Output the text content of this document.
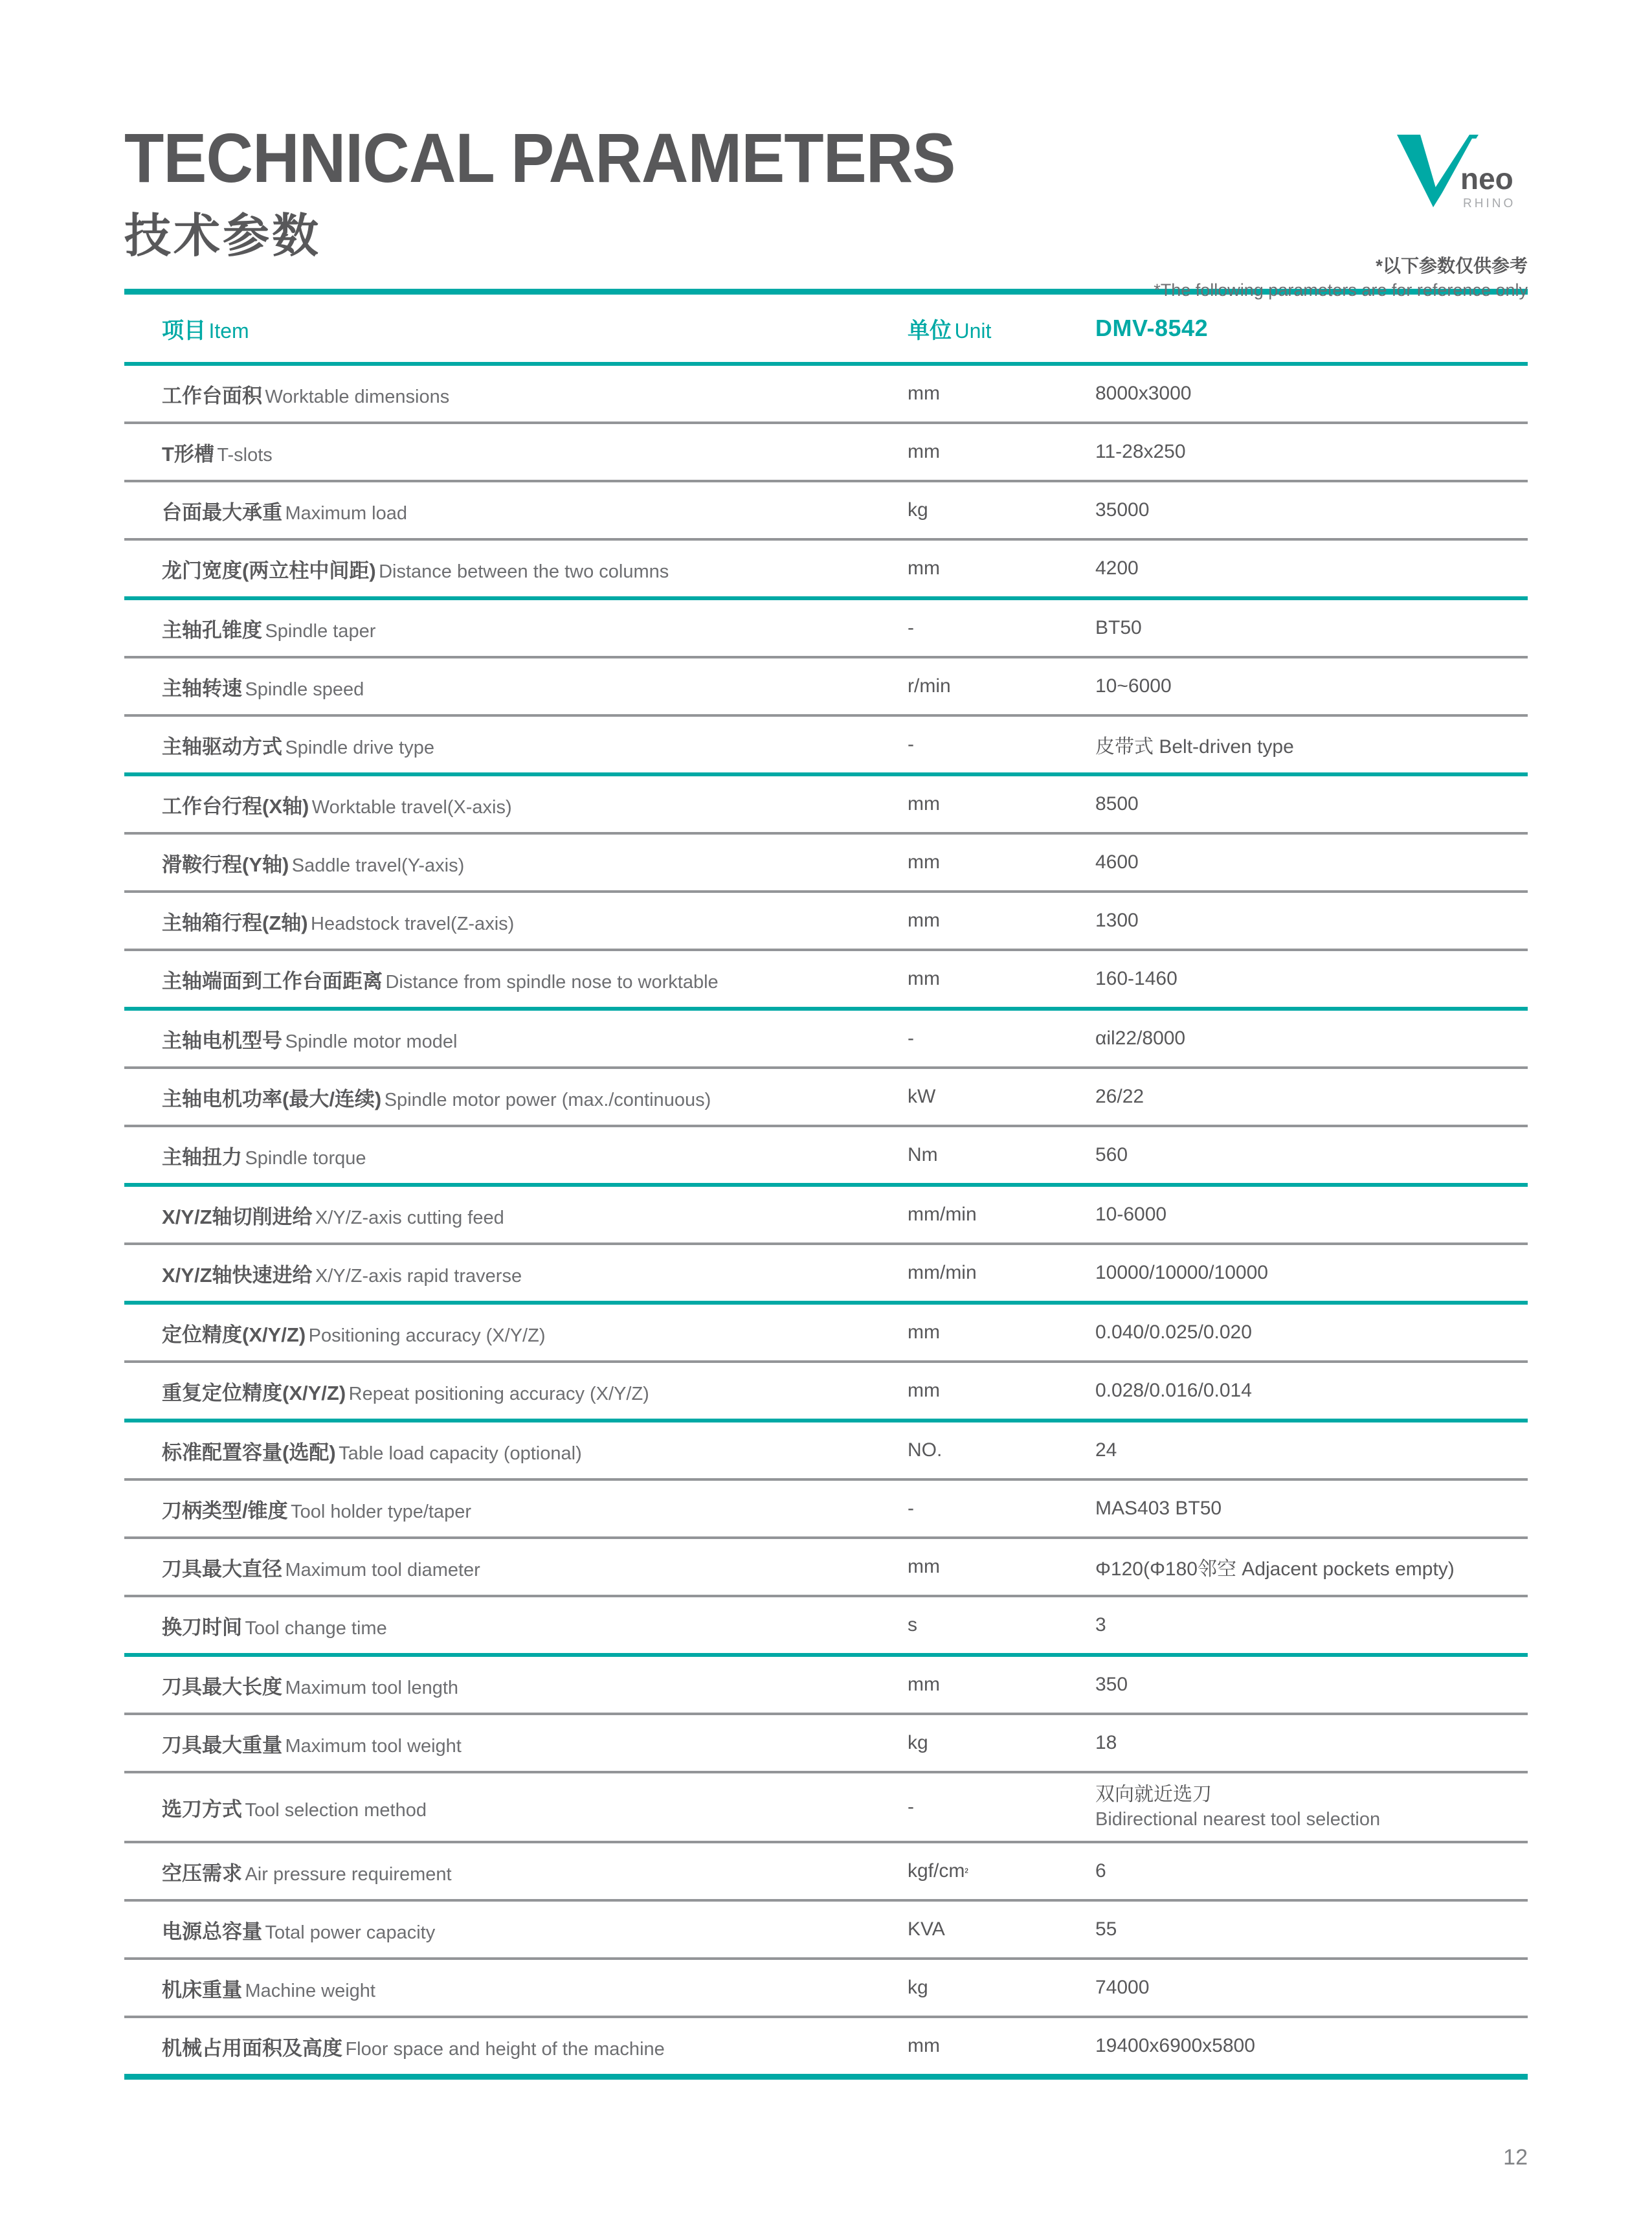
TECHNICAL PARAMETERS
技术参数
neo
RHINO
*以下参数仅供参考
*The following parameters are for reference only
项目 Item	单位 Unit	DMV-8542
工作台面积 Worktable dimensions	mm	8000x3000
T形槽 T-slots	mm	11-28x250
台面最大承重 Maximum load	kg	35000
龙门宽度(两立柱中间距) Distance between the two columns	mm	4200
主轴孔锥度 Spindle taper	-	BT50
主轴转速 Spindle speed	r/min	10~6000
主轴驱动方式 Spindle drive type	-	皮带式 Belt-driven type
工作台行程(X轴) Worktable travel(X-axis)	mm	8500
滑鞍行程(Y轴) Saddle travel(Y-axis)	mm	4600
主轴箱行程(Z轴) Headstock travel(Z-axis)	mm	1300
主轴端面到工作台面距离 Distance from spindle nose to worktable	mm	160-1460
主轴电机型号 Spindle motor model	-	αil22/8000
主轴电机功率(最大/连续) Spindle motor power (max./continuous)	kW	26/22
主轴扭力 Spindle torque	Nm	560
X/Y/Z轴切削进给 X/Y/Z-axis cutting feed	mm/min	10-6000
X/Y/Z轴快速进给 X/Y/Z-axis rapid traverse	mm/min	10000/10000/10000
定位精度(X/Y/Z) Positioning accuracy (X/Y/Z)	mm	0.040/0.025/0.020
重复定位精度(X/Y/Z) Repeat positioning accuracy (X/Y/Z)	mm	0.028/0.016/0.014
标准配置容量(选配) Table load capacity (optional)	NO.	24
刀柄类型/锥度 Tool holder type/taper	-	MAS403 BT50
刀具最大直径 Maximum tool diameter	mm	Φ120(Φ180邻空 Adjacent pockets empty)
换刀时间 Tool change time	s	3
刀具最大长度 Maximum tool length	mm	350
刀具最大重量 Maximum tool weight	kg	18
选刀方式 Tool selection method	-
双向就近选刀
Bidirectional nearest tool selection
空压需求 Air pressure requirement	kgf/$cm^2$	6
电源总容量 Total power capacity	KVA	55
机床重量 Machine weight	kg	74000
机械占用面积及高度 Floor space and height of the machine	mm	19400x6900x5800
12
